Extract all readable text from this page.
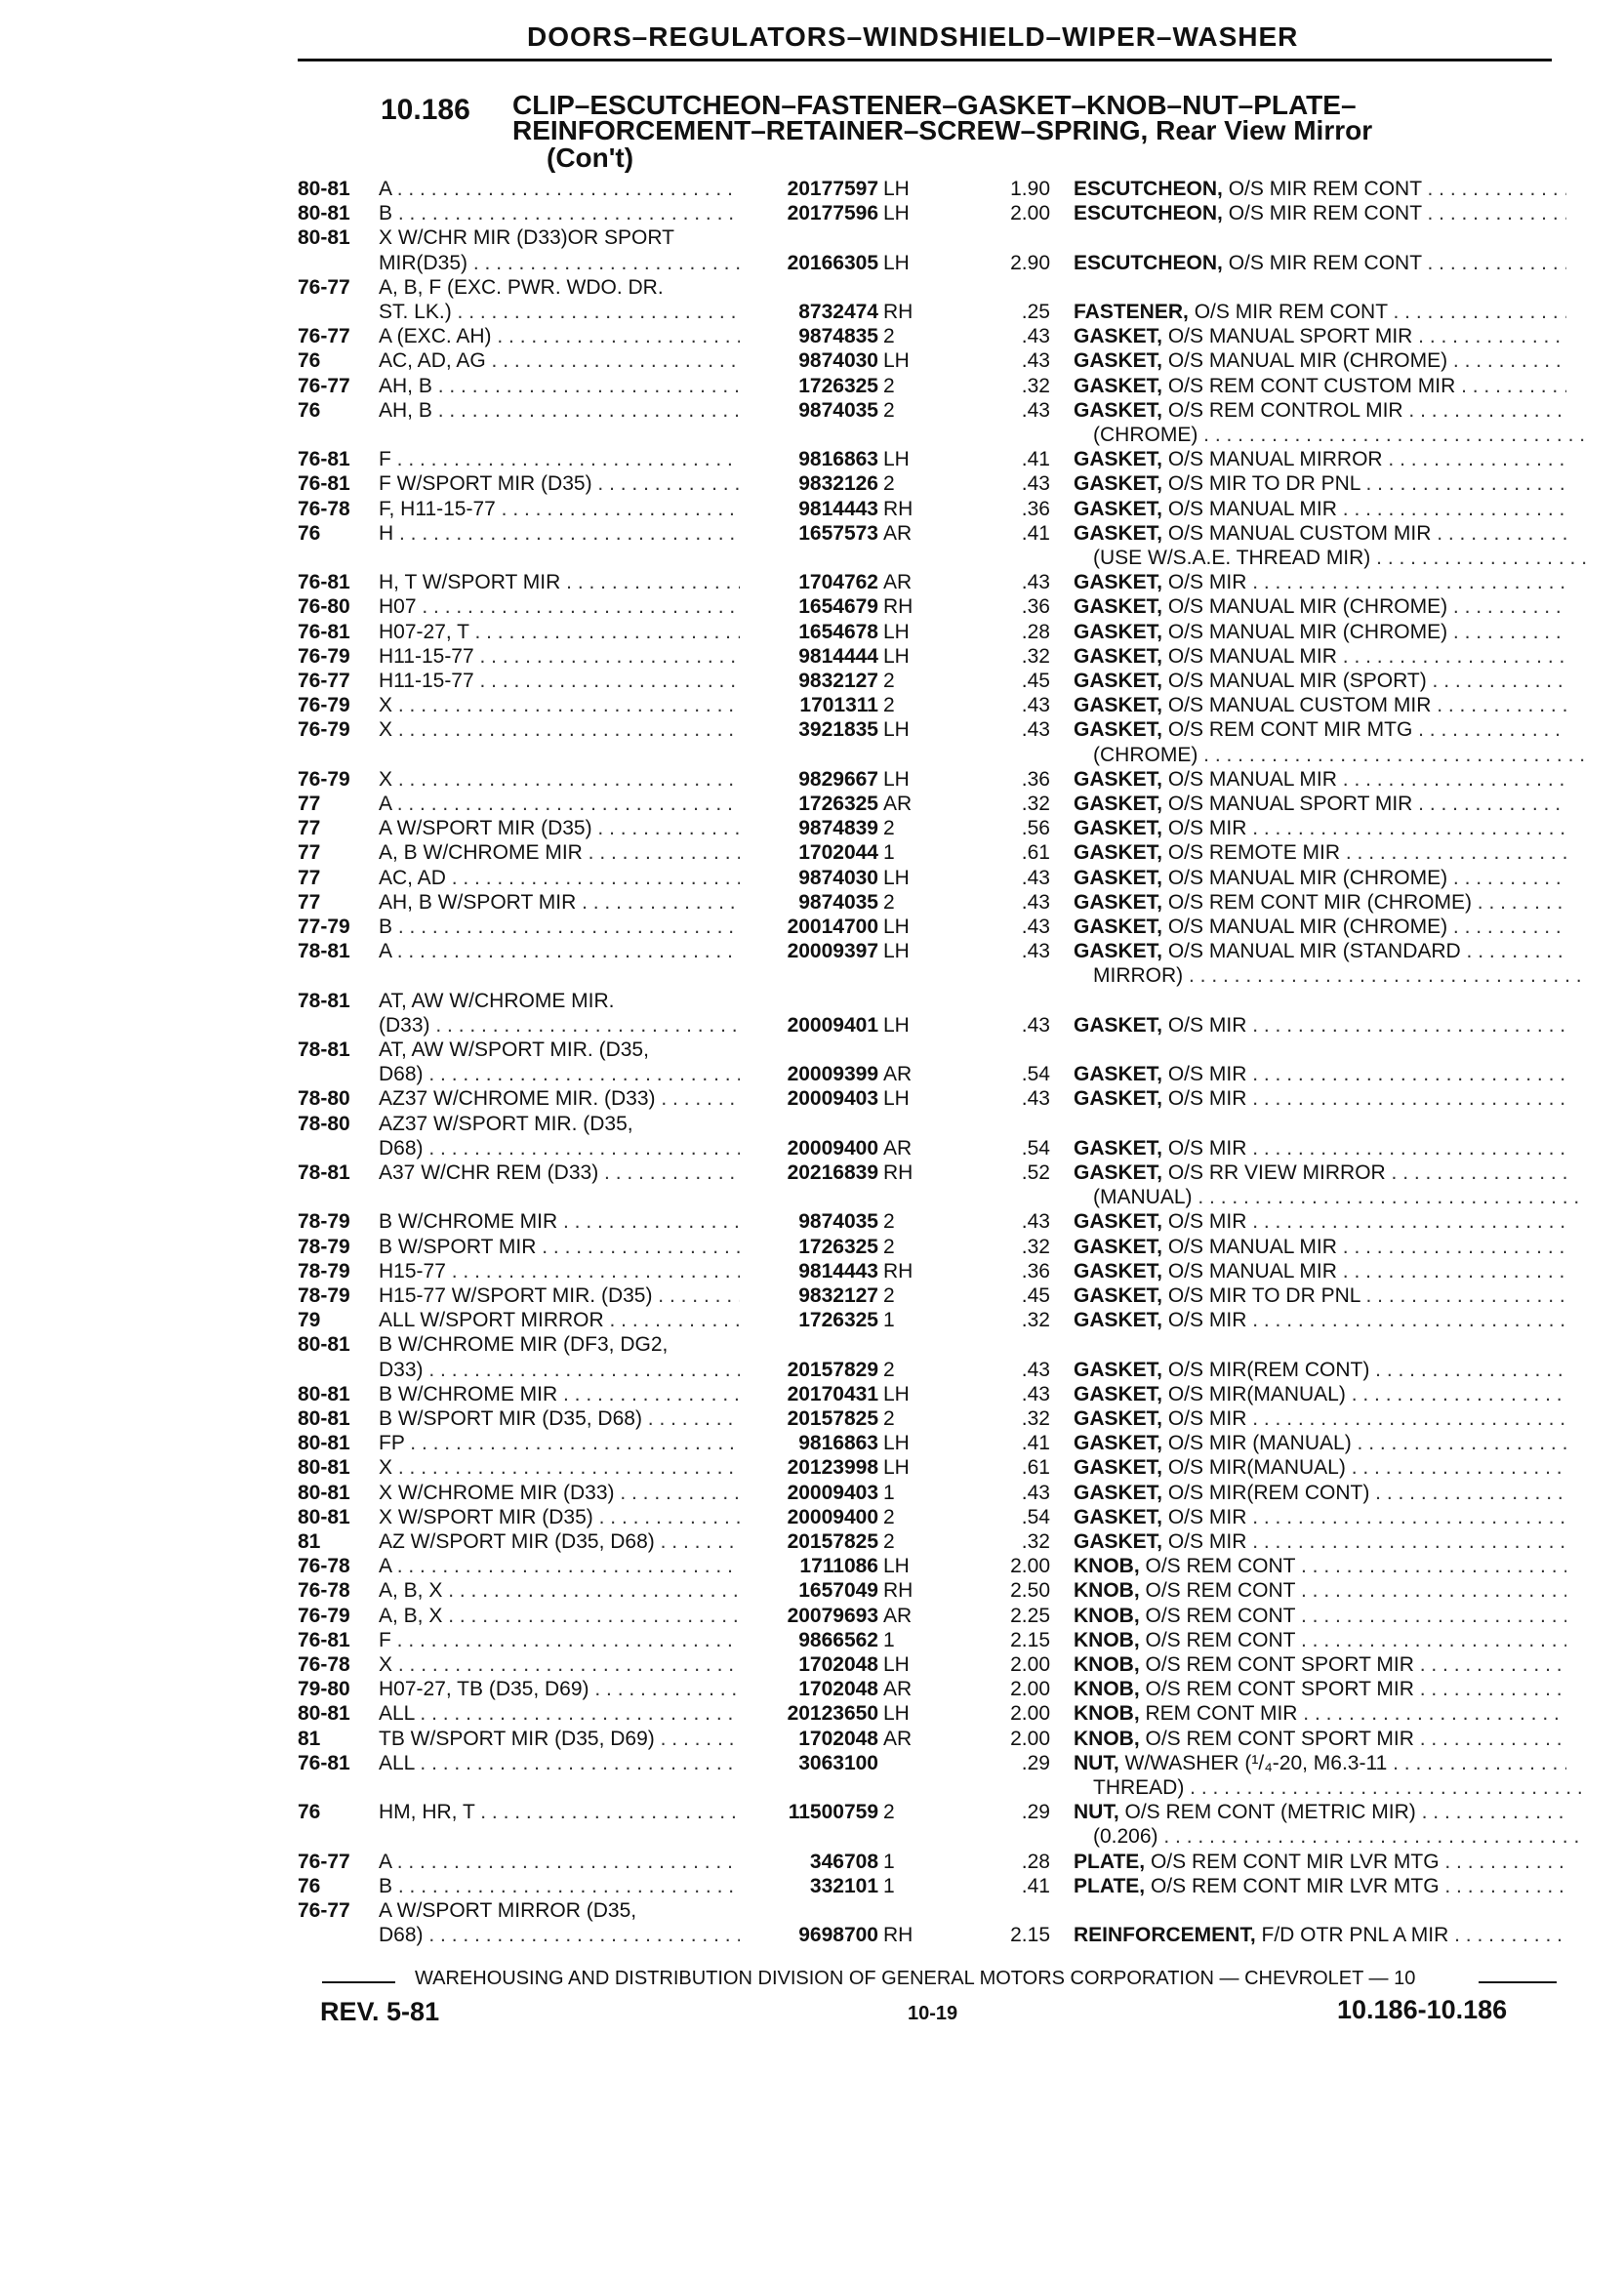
DOORS–REGULATORS–WINDSHIELD–WIPER–WASHER
10.186 CLIP–ESCUTCHEON–FASTENER–GASKET–KNOB–NUT–PLATE–
REINFORCEMENT–RETAINER–SCREW–SPRING, Rear View Mirror
(Con't)
80-81	A . . .	20177597 LH	1.90 ESCUTCHEON, O/S MIR REM CONT . . .
80-81	B . . .	20177596 LH	2.00 ESCUTCHEON, O/S MIR REM CONT . . .
80-81	X W/CHR MIR (D33)OR SPORT
MIR(D35) . . .	20166305 LH	2.90 ESCUTCHEON, O/S MIR REM CONT . . .
76-77	A, B, F (EXC. PWR. WDO. DR.
ST. LK.) . . .	8732474 RH	.25 FASTENER, O/S MIR REM CONT . . .
76-77	A (EXC. AH) . . .	9874835 2	.43 GASKET, O/S MANUAL SPORT MIR . . .
76	AC, AD, AG . . .	9874030 LH	.43 GASKET, O/S MANUAL MIR (CHROME) . . .
76-77	AH, B . . .	1726325 2	.32 GASKET, O/S REM CONT CUSTOM MIR . . .
76	AH, B . . .	9874035 2	.43 GASKET, O/S REM CONTROL MIR . . .
(CHROME) . . .
76-81	F . . .	9816863 LH	.41 GASKET, O/S MANUAL MIRROR . . .
76-81	F W/SPORT MIR (D35) . . .	9832126 2	.43 GASKET, O/S MIR TO DR PNL . . .
76-78	F, H11-15-77 . . .	9814443 RH	.36 GASKET, O/S MANUAL MIR . . .
76	H . . .	1657573 AR	.41 GASKET, O/S MANUAL CUSTOM MIR . . .
(USE W/S.A.E. THREAD MIR) . . .
76-81	H, T W/SPORT MIR . . .	1704762 AR	.43 GASKET, O/S MIR . . .
76-80	H07 . . .	1654679 RH	.36 GASKET, O/S MANUAL MIR (CHROME) . . .
76-81	H07-27, T . . .	1654678 LH	.28 GASKET, O/S MANUAL MIR (CHROME) . . .
76-79	H11-15-77 . . .	9814444 LH	.32 GASKET, O/S MANUAL MIR . . .
76-77	H11-15-77 . . .	9832127 2	.45 GASKET, O/S MANUAL MIR (SPORT) . . .
76-79	X . . .	1701311 2	.43 GASKET, O/S MANUAL CUSTOM MIR . . .
76-79	X . . .	3921835 LH	.43 GASKET, O/S REM CONT MIR MTG . . .
(CHROME) . . .
76-79	X . . .	9829667 LH	.36 GASKET, O/S MANUAL MIR . . .
77	A . . .	1726325 AR	.32 GASKET, O/S MANUAL SPORT MIR . . .
77	A W/SPORT MIR (D35) . . .	9874839 2	.56 GASKET, O/S MIR . . .
77	A, B W/CHROME MIR . . .	1702044 1	.61 GASKET, O/S REMOTE MIR . . .
77	AC, AD . . .	9874030 LH	.43 GASKET, O/S MANUAL MIR (CHROME) . . .
77	AH, B W/SPORT MIR . . .	9874035 2	.43 GASKET, O/S REM CONT MIR (CHROME) . . .
77-79	B . . .	20014700 LH	.43 GASKET, O/S MANUAL MIR (CHROME) . . .
78-81	A . . .	20009397 LH	.43 GASKET, O/S MANUAL MIR (STANDARD . . .
MIRROR) . . .
78-81	AT, AW W/CHROME MIR.
(D33) . . .	20009401 LH	.43 GASKET, O/S MIR . . .
78-81	AT, AW W/SPORT MIR. (D35,
D68) . . .	20009399 AR	.54 GASKET, O/S MIR . . .
78-80	AZ37 W/CHROME MIR. (D33) . . .	20009403 LH	.43 GASKET, O/S MIR . . .
78-80	AZ37 W/SPORT MIR. (D35,
D68) . . .	20009400 AR	.54 GASKET, O/S MIR . . .
78-81	A37 W/CHR REM (D33) . . .	20216839 RH	.52 GASKET, O/S RR VIEW MIRROR . . .
(MANUAL) . . .
78-79	B W/CHROME MIR . . .	9874035 2	.43 GASKET, O/S MIR . . .
78-79	B W/SPORT MIR . . .	1726325 2	.32 GASKET, O/S MANUAL MIR . . .
78-79	H15-77 . . .	9814443 RH	.36 GASKET, O/S MANUAL MIR . . .
78-79	H15-77 W/SPORT MIR. (D35) . . .	9832127 2	.45 GASKET, O/S MIR TO DR PNL . . .
79	ALL W/SPORT MIRROR . . .	1726325 1	.32 GASKET, O/S MIR . . .
80-81	B W/CHROME MIR (DF3, DG2,
D33) . . .	20157829 2	.43 GASKET, O/S MIR(REM CONT) . . .
80-81	B W/CHROME MIR . . .	20170431 LH	.43 GASKET, O/S MIR(MANUAL) . . .
80-81	B W/SPORT MIR (D35, D68) . . .	20157825 2	.32 GASKET, O/S MIR . . .
80-81	FP . . .	9816863 LH	.41 GASKET, O/S MIR (MANUAL) . . .
80-81	X . . .	20123998 LH	.61 GASKET, O/S MIR(MANUAL) . . .
80-81	X W/CHROME MIR (D33) . . .	20009403 1	.43 GASKET, O/S MIR(REM CONT) . . .
80-81	X W/SPORT MIR (D35) . . .	20009400 2	.54 GASKET, O/S MIR . . .
81	AZ W/SPORT MIR (D35, D68) . . .	20157825 2	.32 GASKET, O/S MIR . . .
76-78	A . . .	1711086 LH	2.00 KNOB, O/S REM CONT . . .
76-78	A, B, X . . .	1657049 RH	2.50 KNOB, O/S REM CONT . . .
76-79	A, B, X . . .	20079693 AR	2.25 KNOB, O/S REM CONT . . .
76-81	F . . .	9866562 1	2.15 KNOB, O/S REM CONT . . .
76-78	X . . .	1702048 LH	2.00 KNOB, O/S REM CONT SPORT MIR . . .
79-80	H07-27, TB (D35, D69) . . .	1702048 AR	2.00 KNOB, O/S REM CONT SPORT MIR . . .
80-81	ALL . . .	20123650 LH	2.00 KNOB, REM CONT MIR . . .
81	TB W/SPORT MIR (D35, D69) . . .	1702048 AR	2.00 KNOB, O/S REM CONT SPORT MIR . . .
76-81	ALL . . .	3063100	.29 NUT, W/WASHER (¹/₄-20, M6.3-11 . . .
THREAD) . . .
76	HM, HR, T . . .	11500759 2	.29 NUT, O/S REM CONT (METRIC MIR) . . .
(0.206) . . .
76-77	A . . .	346708 1	.28 PLATE, O/S REM CONT MIR LVR MTG . . .
76	B . . .	332101 1	.41 PLATE, O/S REM CONT MIR LVR MTG . . .
76-77	A W/SPORT MIRROR (D35,
D68) . . .	9698700 RH	2.15 REINFORCEMENT, F/D OTR PNL A MIR . . .
WAREHOUSING AND DISTRIBUTION DIVISION OF GENERAL MOTORS CORPORATION — CHEVROLET — 10
REV. 5-81	10-19	10.186-10.186
